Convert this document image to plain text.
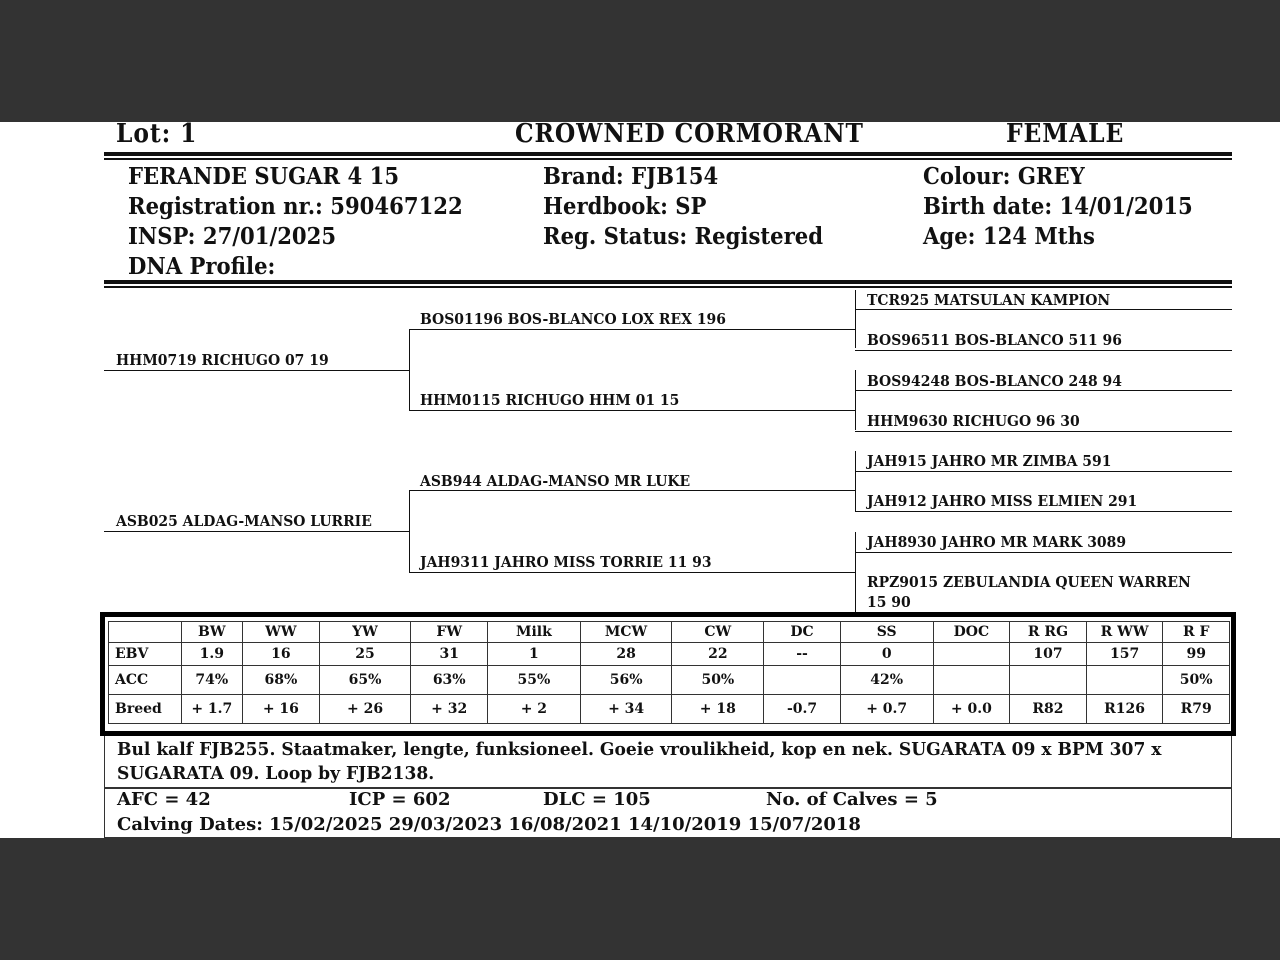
Lot: 1	CROWNED CORMORANT	FEMALE
FERANDE SUGAR 4 15
Registration nr.: 590467122
INSP: 27/01/2025
DNA Profile:
Brand: FJB154
Herdbook: SP
Reg. Status: Registered
Colour: GREY
Birth date: 14/01/2015
Age: 124 Mths
HHM0719 RICHUGO 07 19
ASB025 ALDAG-MANSO LURRIE
BOS01196 BOS-BLANCO LOX REX 196
HHM0115 RICHUGO HHM 01 15
ASB944 ALDAG-MANSO MR LUKE
JAH9311 JAHRO MISS TORRIE 11 93
TCR925 MATSULAN KAMPION
BOS96511 BOS-BLANCO 511 96
BOS94248 BOS-BLANCO 248 94
HHM9630 RICHUGO 96 30
JAH915 JAHRO MR ZIMBA 591
JAH912 JAHRO MISS ELMIEN 291
JAH8930 JAHRO MR MARK 3089
RPZ9015 ZEBULANDIA QUEEN WARREN
15 90
	BW	WW	YW	FW	Milk	MCW	CW	DC	SS	DOC	R RG	R WW	R F
EBV	1.9	16	25	31	1	28	22	--	0		107	157	99
ACC	74%	68%	65%	63%	55%	56%	50%		42%				50%
Breed	+ 1.7	+ 16	+ 26	+ 32	+ 2	+ 34	+ 18	-0.7	+ 0.7	+ 0.0	R82	R126	R79
Bul kalf FJB255. Staatmaker, lengte, funksioneel. Goeie vroulikheid, kop en nek. SUGARATA 09 x BPM 307 x
SUGARATA 09. Loop by FJB2138.
AFC = 42	ICP = 602	DLC = 105	No. of Calves = 5
Calving Dates: 15/02/2025 29/03/2023 16/08/2021 14/10/2019 15/07/2018
